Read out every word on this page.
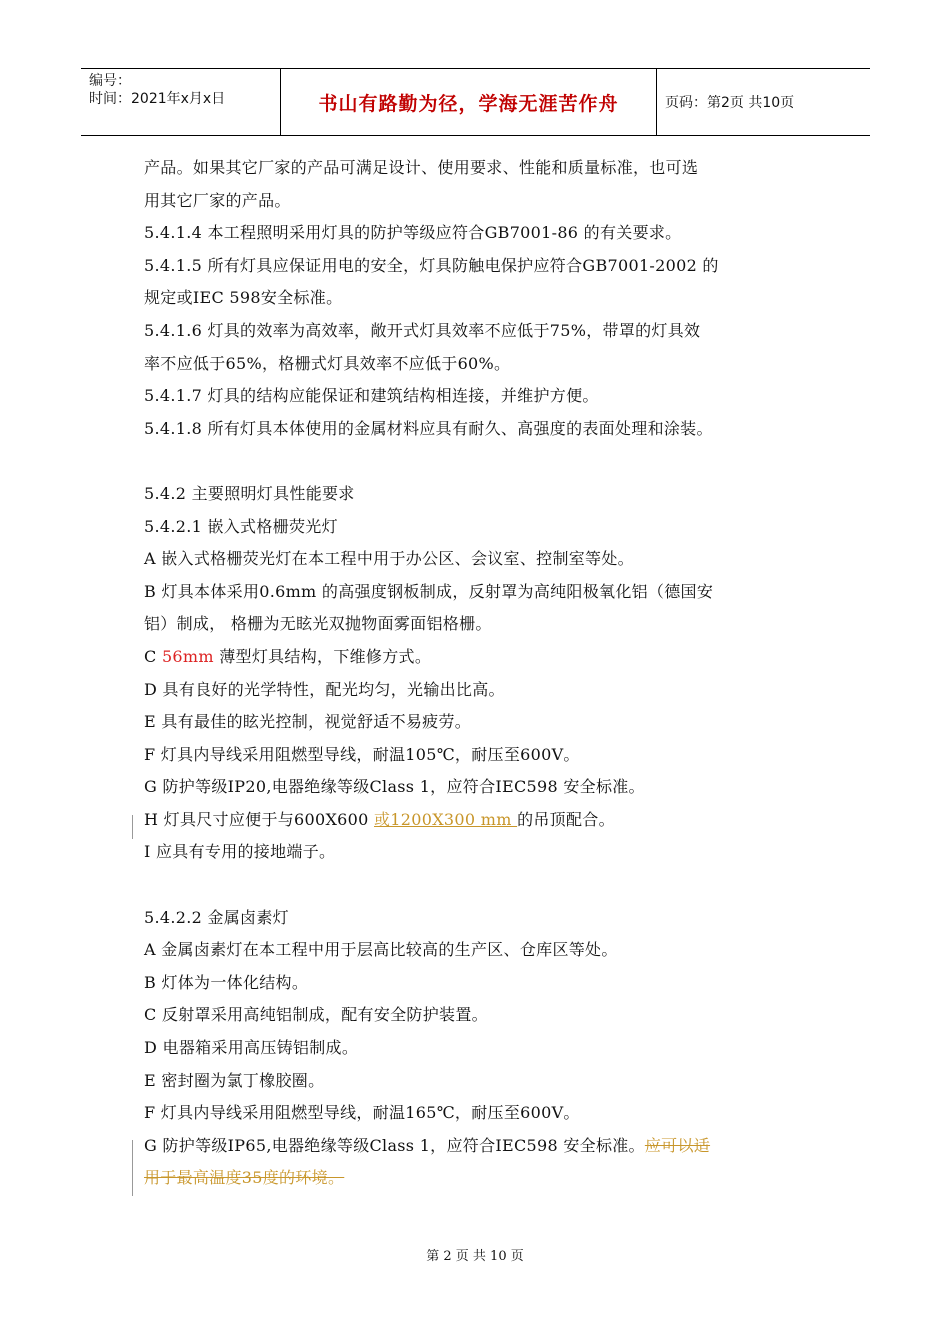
编号：
时间：2021年x月x日	书山有路勤为径，学海无涯苦作舟	页码：第2页 共10页
产品。如果其它厂家的产品可满足设计、使用要求、性能和质量标准，也可选
用其它厂家的产品。
5.4.1.4 本工程照明采用灯具的防护等级应符合GB7001-86 的有关要求。
5.4.1.5 所有灯具应保证用电的安全，灯具防触电保护应符合GB7001-2002 的
规定或IEC 598安全标准。
5.4.1.6 灯具的效率为高效率，敞开式灯具效率不应低于75%，带罩的灯具效
率不应低于65%，格栅式灯具效率不应低于60%。
5.4.1.7 灯具的结构应能保证和建筑结构相连接，并维护方便。
5.4.1.8 所有灯具本体使用的金属材料应具有耐久、高强度的表面处理和涂装。
5.4.2 主要照明灯具性能要求
5.4.2.1 嵌入式格栅荧光灯
A 嵌入式格栅荧光灯在本工程中用于办公区、会议室、控制室等处。
B 灯具本体采用0.6mm 的高强度钢板制成，反射罩为高纯阳极氧化铝（德国安
铝）制成， 格栅为无眩光双抛物面雾面铝格栅。
C 56mm 薄型灯具结构，下维修方式。
D 具有良好的光学特性，配光均匀，光输出比高。
E 具有最佳的眩光控制，视觉舒适不易疲劳。
F 灯具内导线采用阻燃型导线，耐温105℃，耐压至600V。
G 防护等级IP20,电器绝缘等级Class 1，应符合IEC598 安全标准。
H 灯具尺寸应便于与600X600 或1200X300 mm 的吊顶配合。
I 应具有专用的接地端子。
5.4.2.2 金属卤素灯
A 金属卤素灯在本工程中用于层高比较高的生产区、仓库区等处。
B 灯体为一体化结构。
C 反射罩采用高纯铝制成，配有安全防护装置。
D 电器箱采用高压铸铝制成。
E 密封圈为氯丁橡胶圈。
F 灯具内导线采用阻燃型导线，耐温165℃，耐压至600V。
G 防护等级IP65,电器绝缘等级Class 1，应符合IEC598 安全标准。应可以适
用于最高温度35度的环境。
第 2 页 共 10 页
